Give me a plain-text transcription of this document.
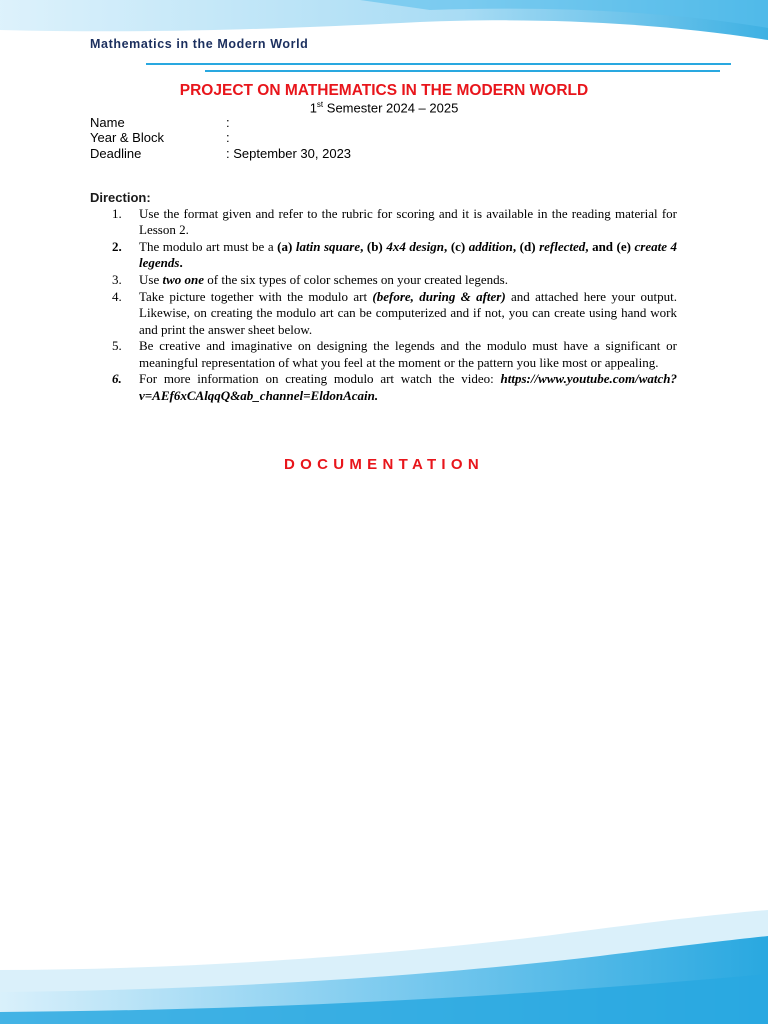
Mathematics in the Modern World
PROJECT ON MATHEMATICS IN THE MODERN WORLD
1st Semester 2024 – 2025
Name	:
Year & Block	:
Deadline	: September 30, 2023
Direction:
1.	Use the format given and refer to the rubric for scoring and it is available in the reading material for Lesson 2.
2.	The modulo art must be a (a) latin square, (b) 4x4 design, (c) addition, (d) reflected, and (e) create 4 legends.
3.	Use two one of the six types of color schemes on your created legends.
4.	Take picture together with the modulo art (before, during & after) and attached here your output. Likewise, on creating the modulo art can be computerized and if not, you can create using hand work and print the answer sheet below.
5.	Be creative and imaginative on designing the legends and the modulo must have a significant or meaningful representation of what you feel at the moment or the pattern you like most or appealing.
6.	For more information on creating modulo art watch the video: https://www.youtube.com/watch?v=AEf6xCAlqqQ&ab_channel=EldonAcain.
DOCUMENTATION
